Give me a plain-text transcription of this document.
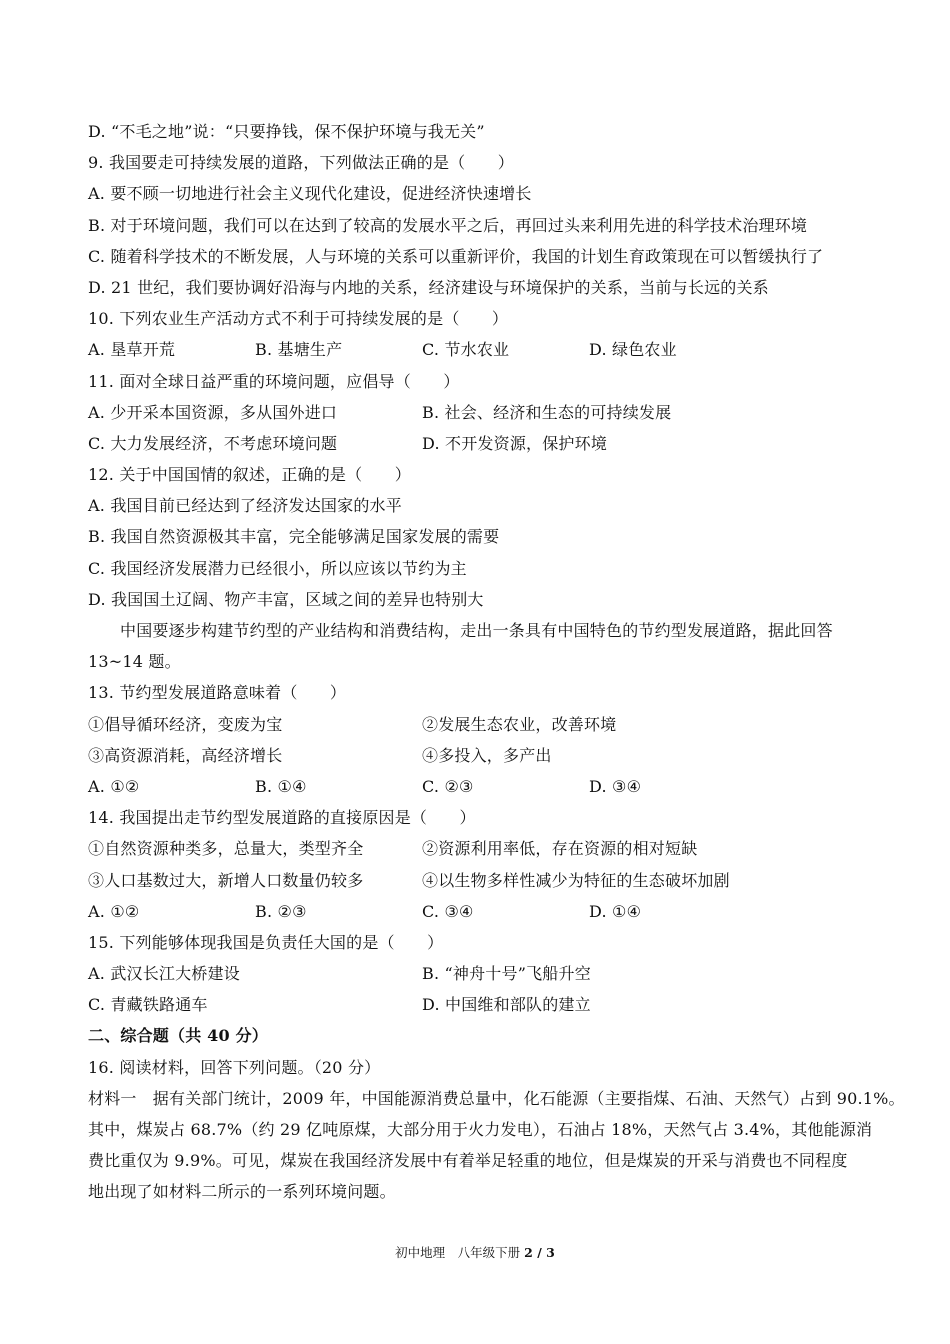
D. “不毛之地”说：“只要挣钱，保不保护环境与我无关”
9. 我国要走可持续发展的道路，下列做法正确的是（　　）
A. 要不顾一切地进行社会主义现代化建设，促进经济快速增长
B. 对于环境问题，我们可以在达到了较高的发展水平之后，再回过头来利用先进的科学技术治理环境
C. 随着科学技术的不断发展，人与环境的关系可以重新评价，我国的计划生育政策现在可以暂缓执行了
D. 21 世纪，我们要协调好沿海与内地的关系，经济建设与环境保护的关系，当前与长远的关系
10. 下列农业生产活动方式不利于可持续发展的是（　　）
A. 垦草开荒	B. 基塘生产	C. 节水农业	D. 绿色农业
11. 面对全球日益严重的环境问题，应倡导（　　）
A. 少开采本国资源，多从国外进口	B. 社会、经济和生态的可持续发展
C. 大力发展经济，不考虑环境问题	D. 不开发资源，保护环境
12. 关于中国国情的叙述，正确的是（　　）
A. 我国目前已经达到了经济发达国家的水平
B. 我国自然资源极其丰富，完全能够满足国家发展的需要
C. 我国经济发展潜力已经很小，所以应该以节约为主
D. 我国国土辽阔、物产丰富，区域之间的差异也特别大
中国要逐步构建节约型的产业结构和消费结构，走出一条具有中国特色的节约型发展道路，据此回答
13~14 题。
13. 节约型发展道路意味着（　　）
①倡导循环经济，变废为宝	②发展生态农业，改善环境
③高资源消耗，高经济增长	④多投入，多产出
A. ①②	B. ①④	C. ②③	D. ③④
14. 我国提出走节约型发展道路的直接原因是（　　）
①自然资源种类多，总量大，类型齐全	②资源利用率低，存在资源的相对短缺
③人口基数过大，新增人口数量仍较多	④以生物多样性减少为特征的生态破坏加剧
A. ①②	B. ②③	C. ③④	D. ①④
15. 下列能够体现我国是负责任大国的是（　　）
A. 武汉长江大桥建设	B. “神舟十号”飞船升空
C. 青藏铁路通车	D. 中国维和部队的建立
二、综合题（共 40 分）
16. 阅读材料，回答下列问题。（20 分）
材料一　据有关部门统计，2009 年，中国能源消费总量中，化石能源（主要指煤、石油、天然气）占到 90.1%。
其中，煤炭占 68.7%（约 29 亿吨原煤，大部分用于火力发电），石油占 18%，天然气占 3.4%，其他能源消
费比重仅为 9.9%。可见，煤炭在我国经济发展中有着举足轻重的地位，但是煤炭的开采与消费也不同程度
地出现了如材料二所示的一系列环境问题。
初中地理　八年级下册 2 / 3
